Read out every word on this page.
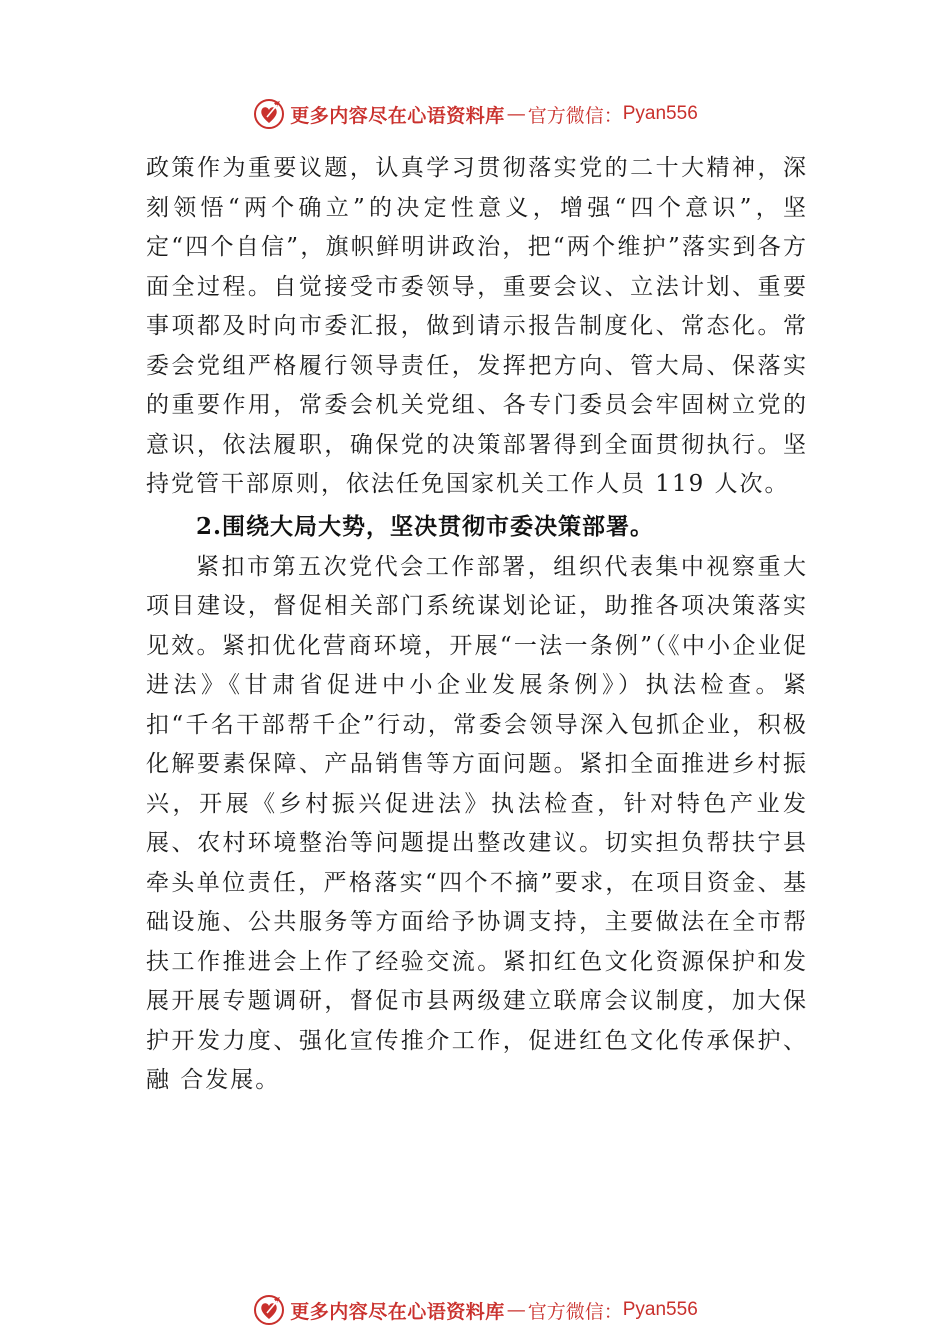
更多内容尽在心语资料库 — 官方微信： Pyan556

政策作为重要议题，认真学习贯彻落实党的二十大精神，深刻领悟“两个确立”的决定性意义，增强“四个意识”，坚定“四个自信”，旗帜鲜明讲政治，把“两个维护”落实到各方面全过程。自觉接受市委领导，重要会议、立法计划、重要事项都及时向市委汇报，做到请示报告制度化、常态化。常委会党组严格履行领导责任，发挥把方向、管大局、保落实的重要作用，常委会机关党组、各专门委员会牢固树立党的意识，依法履职，确保党的决策部署得到全面贯彻执行。坚持党管干部原则，依法任免国家机关工作人员 119 人次。

2.围绕大局大势，坚决贯彻市委决策部署。

紧扣市第五次党代会工作部署，组织代表集中视察重大项目建设，督促相关部门系统谋划论证，助推各项决策落实见效。紧扣优化营商环境，开展“一法一条例”（《中小企业促进法》《甘肃省促进中小企业发展条例》）执法检查。紧扣“千名干部帮千企”行动，常委会领导深入包抓企业，积极化解要素保障、产品销售等方面问题。紧扣全面推进乡村振兴，开展《乡村振兴促进法》执法检查，针对特色产业发展、农村环境整治等问题提出整改建议。切实担负帮扶宁县牵头单位责任，严格落实“四个不摘”要求，在项目资金、基础设施、公共服务等方面给予协调支持，主要做法在全市帮扶工作推进会上作了经验交流。紧扣红色文化资源保护和发展开展专题调研，督促市县两级建立联席会议制度，加大保护开发力度、强化宣传推介工作，促进红色文化传承保护、融 合发展。

更多内容尽在心语资料库 — 官方微信： Pyan556
